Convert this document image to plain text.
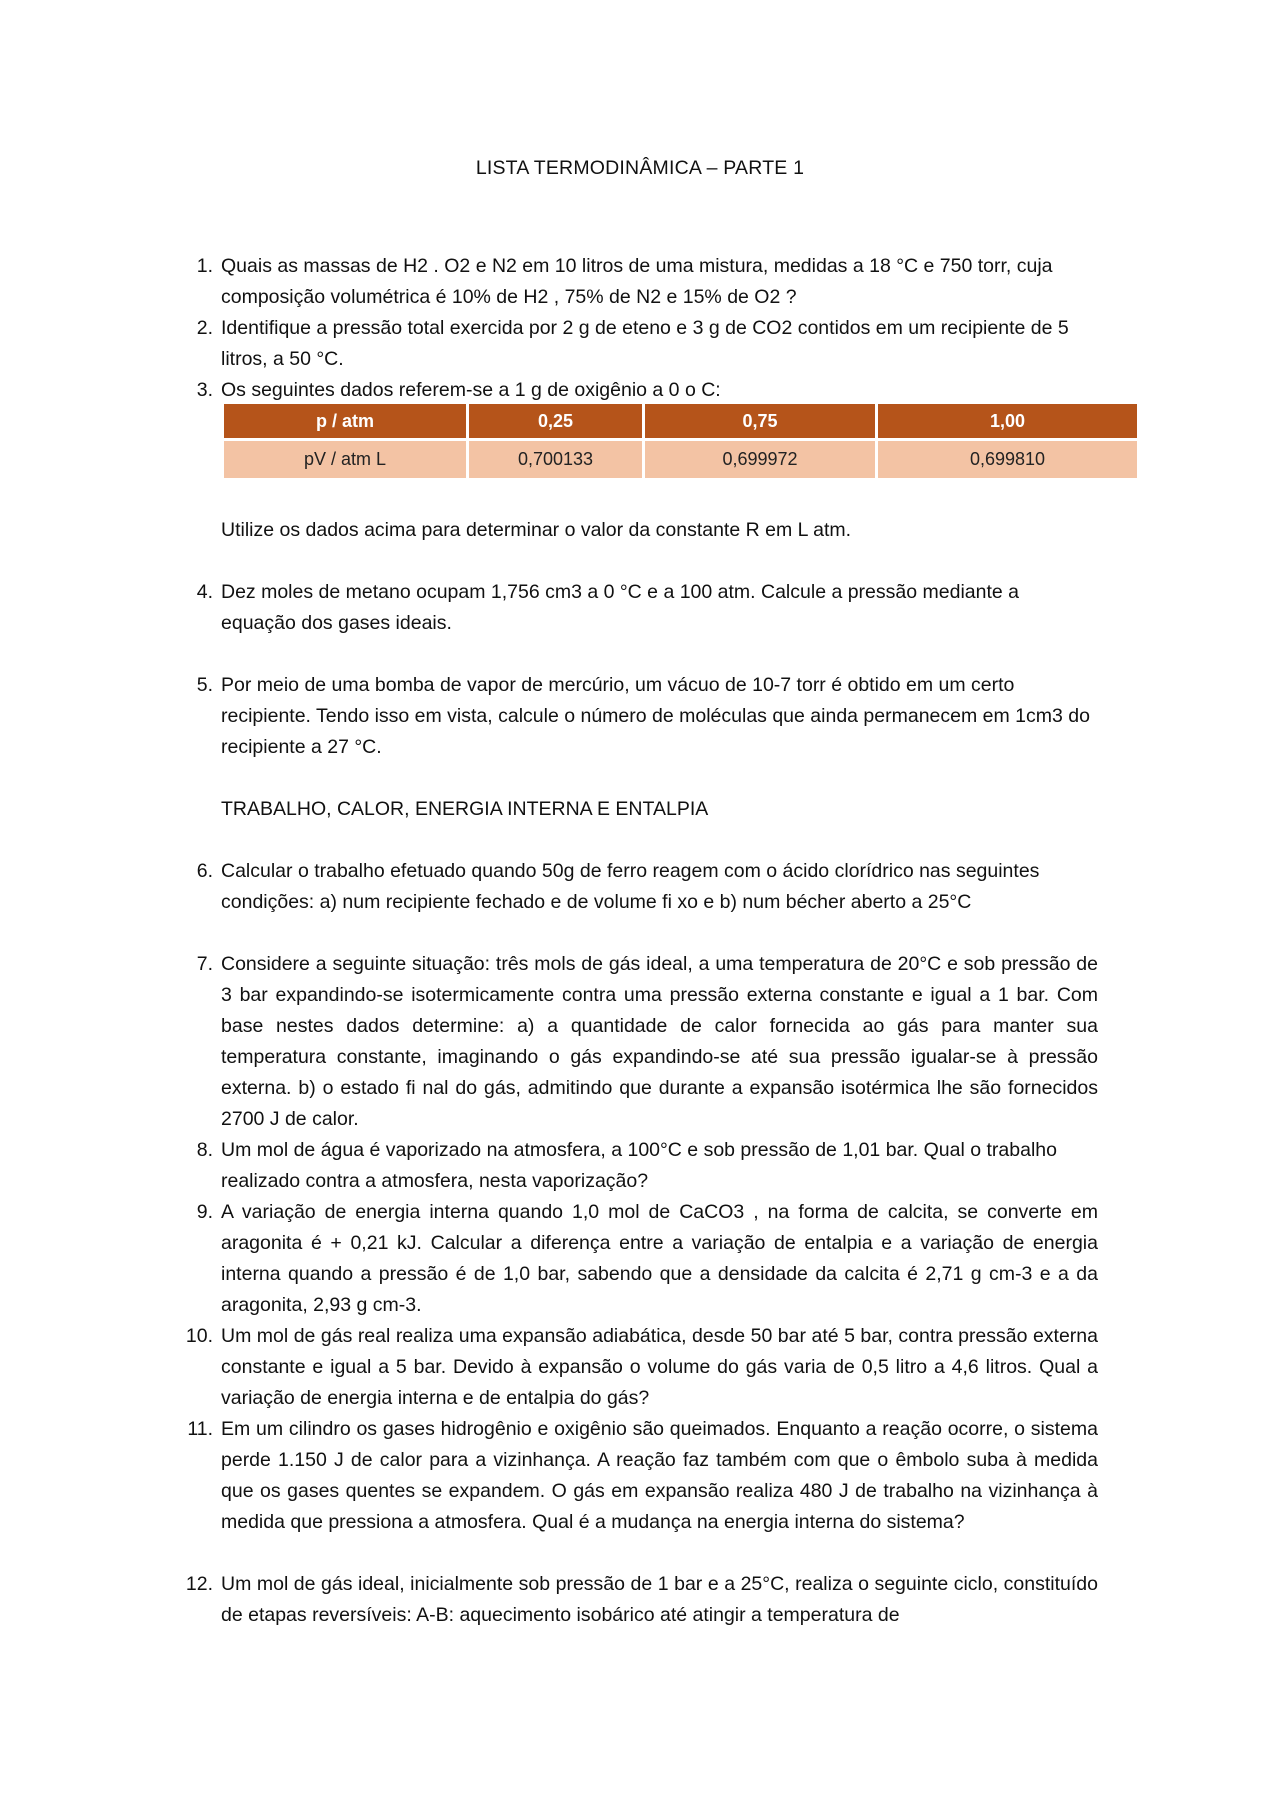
LISTA TERMODINÂMICA – PARTE 1
1. Quais as massas de H2 . O2 e N2 em 10 litros de uma mistura, medidas a 18 °C e 750 torr, cuja composição volumétrica é 10% de H2 , 75% de N2 e 15% de O2 ?
2. Identifique a pressão total exercida por 2 g de eteno e 3 g de CO2 contidos em um recipiente de 5 litros, a 50 °C.
3. Os seguintes dados referem-se a 1 g de oxigênio a 0 o C:
p / atm	0,25	0,75	1,00
pV / atm L	0,700133	0,699972	0,699810
Utilize os dados acima para determinar o valor da constante R em L atm.
4. Dez moles de metano ocupam 1,756 cm3 a 0 °C e a 100 atm. Calcule a pressão mediante a equação dos gases ideais.
5. Por meio de uma bomba de vapor de mercúrio, um vácuo de 10-7 torr é obtido em um certo recipiente. Tendo isso em vista, calcule o número de moléculas que ainda permanecem em 1cm3 do recipiente a 27 °C.
TRABALHO, CALOR, ENERGIA INTERNA E ENTALPIA
6. Calcular o trabalho efetuado quando 50g de ferro reagem com o ácido clorídrico nas seguintes condições: a) num recipiente fechado e de volume fi xo e b) num bécher aberto a 25°C
7. Considere a seguinte situação: três mols de gás ideal, a uma temperatura de 20°C e sob pressão de 3 bar expandindo-se isotermicamente contra uma pressão externa constante e igual a 1 bar. Com base nestes dados determine: a) a quantidade de calor fornecida ao gás para manter sua temperatura constante, imaginando o gás expandindo-se até sua pressão igualar-se à pressão externa. b) o estado fi nal do gás, admitindo que durante a expansão isotérmica lhe são fornecidos 2700 J de calor.
8. Um mol de água é vaporizado na atmosfera, a 100°C e sob pressão de 1,01 bar. Qual o trabalho realizado contra a atmosfera, nesta vaporização?
9. A variação de energia interna quando 1,0 mol de CaCO3 , na forma de calcita, se converte em aragonita é + 0,21 kJ. Calcular a diferença entre a variação de entalpia e a variação de energia interna quando a pressão é de 1,0 bar, sabendo que a densidade da calcita é 2,71 g cm-3 e a da aragonita, 2,93 g cm-3.
10. Um mol de gás real realiza uma expansão adiabática, desde 50 bar até 5 bar, contra pressão externa constante e igual a 5 bar. Devido à expansão o volume do gás varia de 0,5 litro a 4,6 litros. Qual a variação de energia interna e de entalpia do gás?
11. Em um cilindro os gases hidrogênio e oxigênio são queimados. Enquanto a reação ocorre, o sistema perde 1.150 J de calor para a vizinhança. A reação faz também com que o êmbolo suba à medida que os gases quentes se expandem. O gás em expansão realiza 480 J de trabalho na vizinhança à medida que pressiona a atmosfera. Qual é a mudança na energia interna do sistema?
12. Um mol de gás ideal, inicialmente sob pressão de 1 bar e a 25°C, realiza o seguinte ciclo, constituído de etapas reversíveis: A-B: aquecimento isobárico até atingir a temperatura de
